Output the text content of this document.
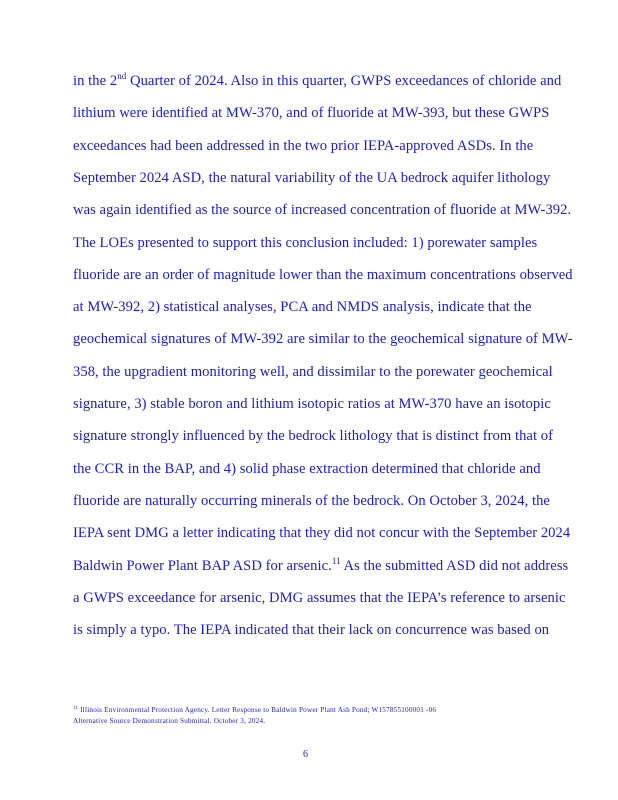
in the 2nd Quarter of 2024. Also in this quarter, GWPS exceedances of chloride and
lithium were identified at MW-370, and of fluoride at MW-393, but these GWPS
exceedances had been addressed in the two prior IEPA-approved ASDs. In the
September 2024 ASD, the natural variability of the UA bedrock aquifer lithology
was again identified as the source of increased concentration of fluoride at MW-392.
The LOEs presented to support this conclusion included: 1) porewater samples
fluoride are an order of magnitude lower than the maximum concentrations observed
at MW-392, 2) statistical analyses, PCA and NMDS analysis, indicate that the
geochemical signatures of MW-392 are similar to the geochemical signature of MW-
358, the upgradient monitoring well, and dissimilar to the porewater geochemical
signature, 3) stable boron and lithium isotopic ratios at MW-370 have an isotopic
signature strongly influenced by the bedrock lithology that is distinct from that of
the CCR in the BAP, and 4) solid phase extraction determined that chloride and
fluoride are naturally occurring minerals of the bedrock. On October 3, 2024, the
IEPA sent DMG a letter indicating that they did not concur with the September 2024
Baldwin Power Plant BAP ASD for arsenic.$^{11}$ As the submitted ASD did not address
a GWPS exceedance for arsenic, DMG assumes that the IEPA’s reference to arsenic
is simply a typo. The IEPA indicated that their lack on concurrence was based on
$^{11}$ Illinois Environmental Protection Agency. Letter Response to Baldwin Power Plant Ash Pond; W157855100001 -06
Alternative Source Demonstration Submittal. October 3, 2024.
6
